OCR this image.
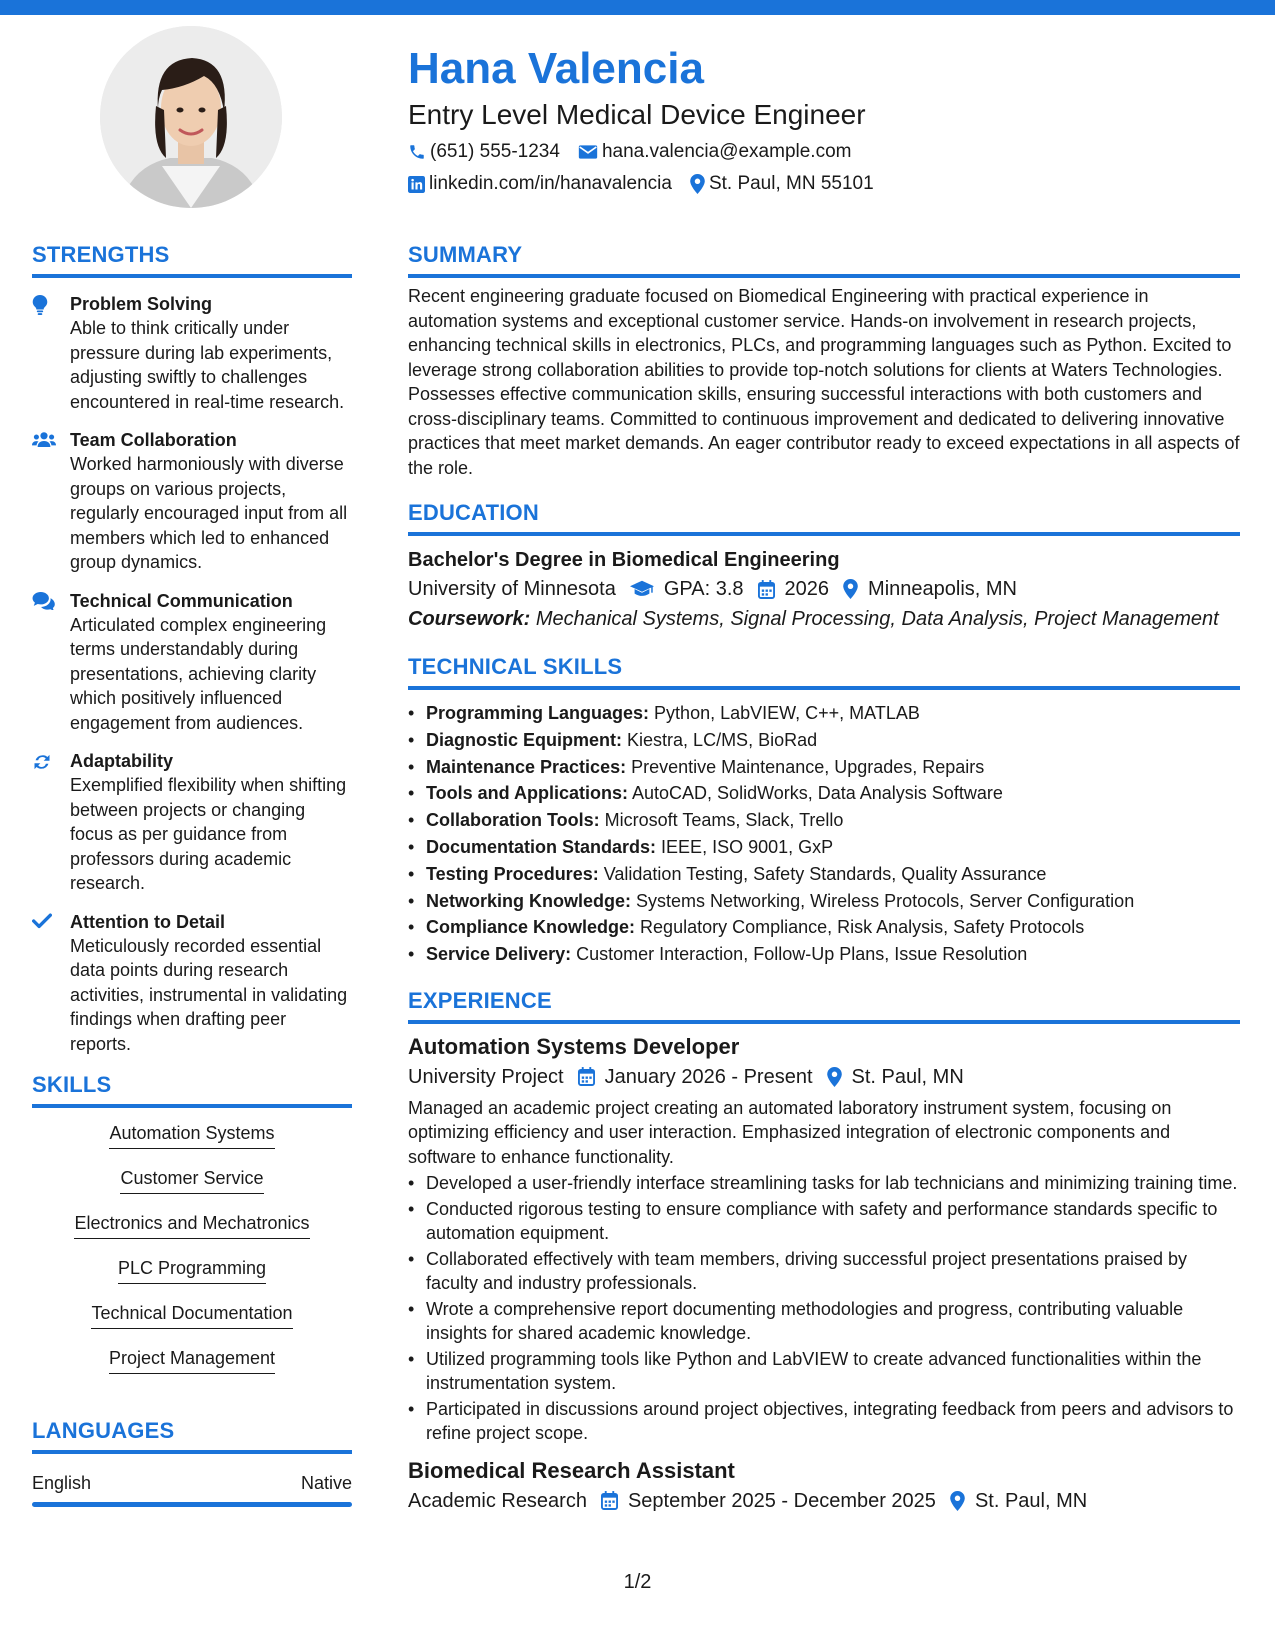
Hana Valencia
Entry Level Medical Device Engineer
(651) 555-1234 hana.valencia@example.com
linkedin.com/in/hanavalencia St. Paul, MN 55101
STRENGTHS
Problem Solving
Able to think critically under pressure during lab experiments, adjusting swiftly to challenges encountered in real-time research.
Team Collaboration
Worked harmoniously with diverse groups on various projects, regularly encouraged input from all members which led to enhanced group dynamics.
Technical Communication
Articulated complex engineering terms understandably during presentations, achieving clarity which positively influenced engagement from audiences.
Adaptability
Exemplified flexibility when shifting between projects or changing focus as per guidance from professors during academic research.
Attention to Detail
Meticulously recorded essential data points during research activities, instrumental in validating findings when drafting peer reports.
SKILLS
Automation Systems
Customer Service
Electronics and Mechatronics
PLC Programming
Technical Documentation
Project Management
LANGUAGES
English	Native
SUMMARY
Recent engineering graduate focused on Biomedical Engineering with practical experience in automation systems and exceptional customer service. Hands-on involvement in research projects, enhancing technical skills in electronics, PLCs, and programming languages such as Python. Excited to leverage strong collaboration abilities to provide top-notch solutions for clients at Waters Technologies. Possesses effective communication skills, ensuring successful interactions with both customers and cross-disciplinary teams. Committed to continuous improvement and dedicated to delivering innovative practices that meet market demands. An eager contributor ready to exceed expectations in all aspects of the role.
EDUCATION
Bachelor's Degree in Biomedical Engineering
University of Minnesota GPA: 3.8 2026 Minneapolis, MN
Coursework: Mechanical Systems, Signal Processing, Data Analysis, Project Management
TECHNICAL SKILLS
• Programming Languages: Python, LabVIEW, C++, MATLAB
• Diagnostic Equipment: Kiestra, LC/MS, BioRad
• Maintenance Practices: Preventive Maintenance, Upgrades, Repairs
• Tools and Applications: AutoCAD, SolidWorks, Data Analysis Software
• Collaboration Tools: Microsoft Teams, Slack, Trello
• Documentation Standards: IEEE, ISO 9001, GxP
• Testing Procedures: Validation Testing, Safety Standards, Quality Assurance
• Networking Knowledge: Systems Networking, Wireless Protocols, Server Configuration
• Compliance Knowledge: Regulatory Compliance, Risk Analysis, Safety Protocols
• Service Delivery: Customer Interaction, Follow-Up Plans, Issue Resolution
EXPERIENCE
Automation Systems Developer
University Project January 2026 - Present St. Paul, MN
Managed an academic project creating an automated laboratory instrument system, focusing on optimizing efficiency and user interaction. Emphasized integration of electronic components and software to enhance functionality.
• Developed a user-friendly interface streamlining tasks for lab technicians and minimizing training time.
• Conducted rigorous testing to ensure compliance with safety and performance standards specific to automation equipment.
• Collaborated effectively with team members, driving successful project presentations praised by faculty and industry professionals.
• Wrote a comprehensive report documenting methodologies and progress, contributing valuable insights for shared academic knowledge.
• Utilized programming tools like Python and LabVIEW to create advanced functionalities within the instrumentation system.
• Participated in discussions around project objectives, integrating feedback from peers and advisors to refine project scope.
Biomedical Research Assistant
Academic Research September 2025 - December 2025 St. Paul, MN
1/2
